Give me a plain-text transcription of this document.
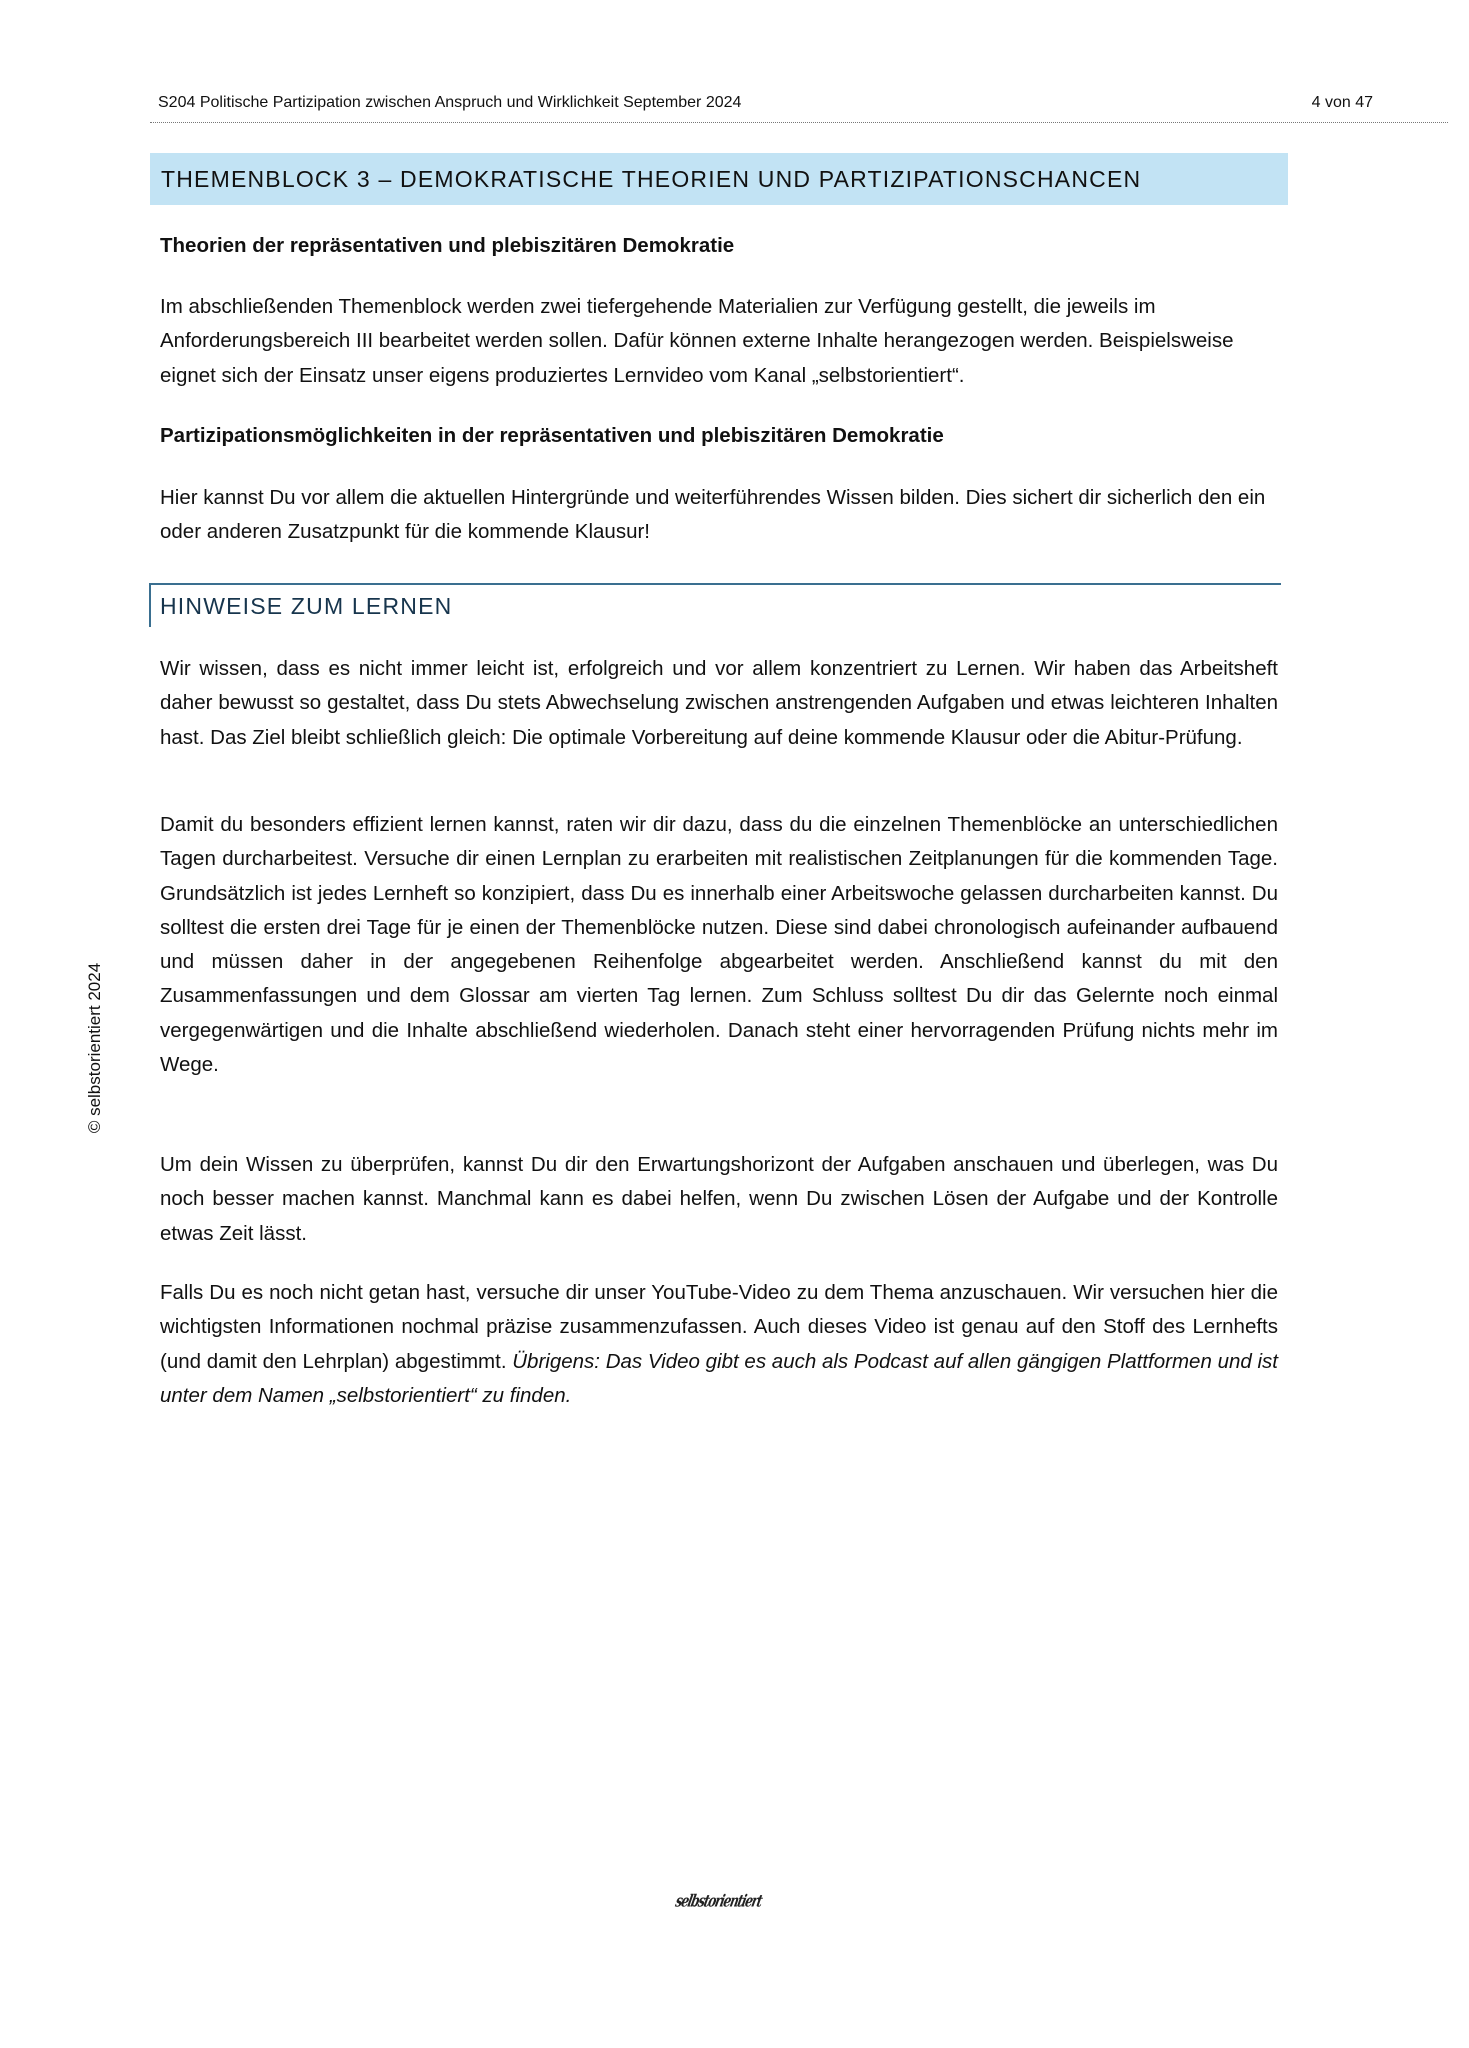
S204 Politische Partizipation zwischen Anspruch und Wirklichkeit September 2024	4 von 47
THEMENBLOCK 3 – DEMOKRATISCHE THEORIEN UND PARTIZIPATIONSCHANCEN
Theorien der repräsentativen und plebiszitären Demokratie

Im abschließenden Themenblock werden zwei tiefergehende Materialien zur Verfügung gestellt, die jeweils im Anforderungsbereich III bearbeitet werden sollen. Dafür können externe Inhalte herangezogen werden. Beispielsweise eignet sich der Einsatz unser eigens produziertes Lernvideo vom Kanal „selbstorientiert“.

Partizipationsmöglichkeiten in der repräsentativen und plebiszitären Demokratie

Hier kannst Du vor allem die aktuellen Hintergründe und weiterführendes Wissen bilden. Dies sichert dir sicherlich den ein oder anderen Zusatzpunkt für die kommende Klausur!

HINWEISE ZUM LERNEN

Wir wissen, dass es nicht immer leicht ist, erfolgreich und vor allem konzentriert zu Lernen. Wir haben das Arbeitsheft daher bewusst so gestaltet, dass Du stets Abwechselung zwischen anstrengenden Aufgaben und etwas leichteren Inhalten hast. Das Ziel bleibt schließlich gleich: Die optimale Vorbereitung auf deine kommende Klausur oder die Abitur-Prüfung.

Damit du besonders effizient lernen kannst, raten wir dir dazu, dass du die einzelnen Themenblöcke an unterschiedlichen Tagen durcharbeitest. Versuche dir einen Lernplan zu erarbeiten mit realistischen Zeitplanungen für die kommenden Tage. Grundsätzlich ist jedes Lernheft so konzipiert, dass Du es innerhalb einer Arbeitswoche gelassen durcharbeiten kannst. Du solltest die ersten drei Tage für je einen der Themenblöcke nutzen. Diese sind dabei chronologisch aufeinander aufbauend und müssen daher in der angegebenen Reihenfolge abgearbeitet werden. Anschließend kannst du mit den Zusammenfassungen und dem Glossar am vierten Tag lernen. Zum Schluss solltest Du dir das Gelernte noch einmal vergegenwärtigen und die Inhalte abschließend wiederholen. Danach steht einer hervorragenden Prüfung nichts mehr im Wege.

Um dein Wissen zu überprüfen, kannst Du dir den Erwartungshorizont der Aufgaben anschauen und überlegen, was Du noch besser machen kannst. Manchmal kann es dabei helfen, wenn Du zwischen Lösen der Aufgabe und der Kontrolle etwas Zeit lässt.

Falls Du es noch nicht getan hast, versuche dir unser YouTube-Video zu dem Thema anzuschauen. Wir versuchen hier die wichtigsten Informationen nochmal präzise zusammenzufassen. Auch dieses Video ist genau auf den Stoff des Lernhefts (und damit den Lehrplan) abgestimmt. Übrigens: Das Video gibt es auch als Podcast auf allen gängigen Plattformen und ist unter dem Namen „selbstorientiert“ zu finden.

© selbstorientiert 2024
selbstorientiert
